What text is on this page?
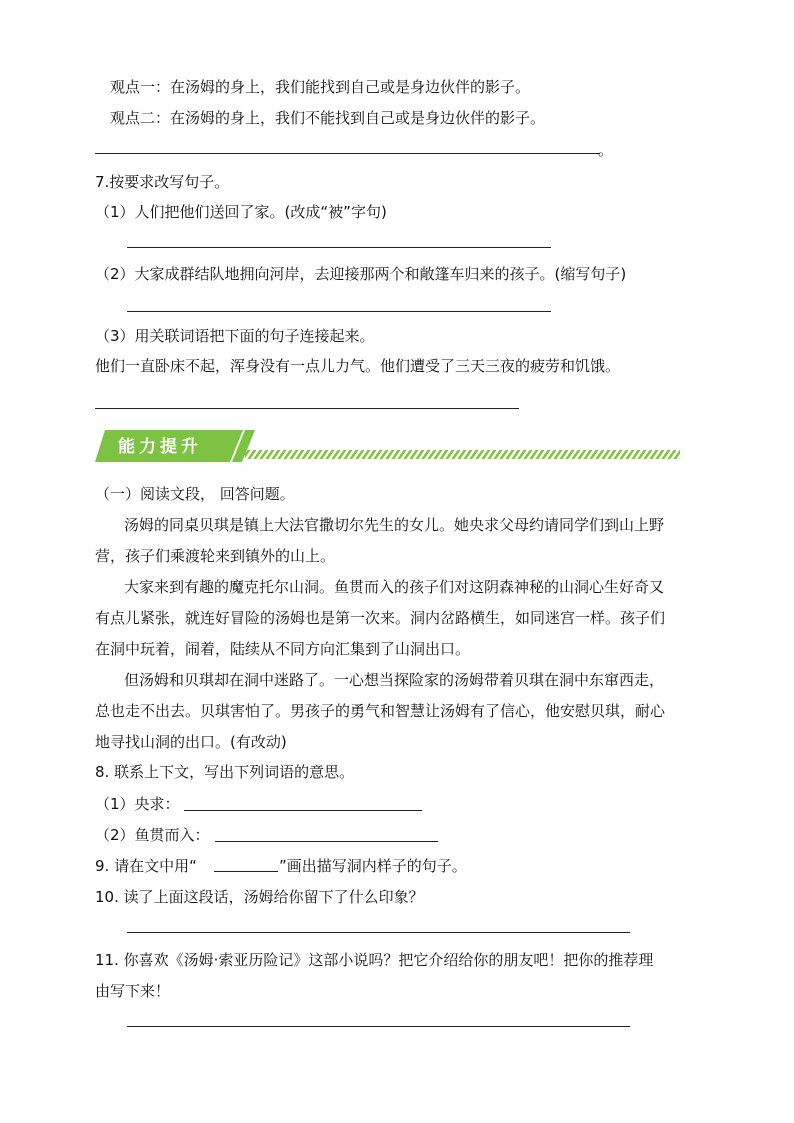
观点一：在汤姆的身上，我们能找到自己或是身边伙伴的影子。
观点二：在汤姆的身上，我们不能找到自己或是身边伙伴的影子。
。
7.按要求改写句子。
（1）人们把他们送回了家。(改成“被”字句)
（2）大家成群结队地拥向河岸，去迎接那两个和敞篷车归来的孩子。(缩写句子)
（3）用关联词语把下面的句子连接起来。
他们一直卧床不起，浑身没有一点儿力气。他们遭受了三天三夜的疲劳和饥饿。
能力提升
（一）阅读文段， 回答问题。
汤姆的同桌贝琪是镇上大法官撒切尔先生的女儿。她央求父母约请同学们到山上野
营，孩子们乘渡轮来到镇外的山上。
大家来到有趣的魔克托尔山洞。鱼贯而入的孩子们对这阴森神秘的山洞心生好奇又
有点儿紧张，就连好冒险的汤姆也是第一次来。洞内岔路横生，如同迷宫一样。孩子们
在洞中玩着，闹着，陆续从不同方向汇集到了山洞出口。
但汤姆和贝琪却在洞中迷路了。一心想当探险家的汤姆带着贝琪在洞中东窜西走，
总也走不出去。贝琪害怕了。男孩子的勇气和智慧让汤姆有了信心，他安慰贝琪，耐心
地寻找山洞的出口。(有改动)
8. 联系上下文，写出下列词语的意思。
（1）央求：
（2）鱼贯而入：
9. 请在文中用“	”画出描写洞内样子的句子。
10. 读了上面这段话，汤姆给你留下了什么印象？
11. 你喜欢《汤姆·索亚历险记》这部小说吗？把它介绍给你的朋友吧！把你的推荐理
由写下来！
